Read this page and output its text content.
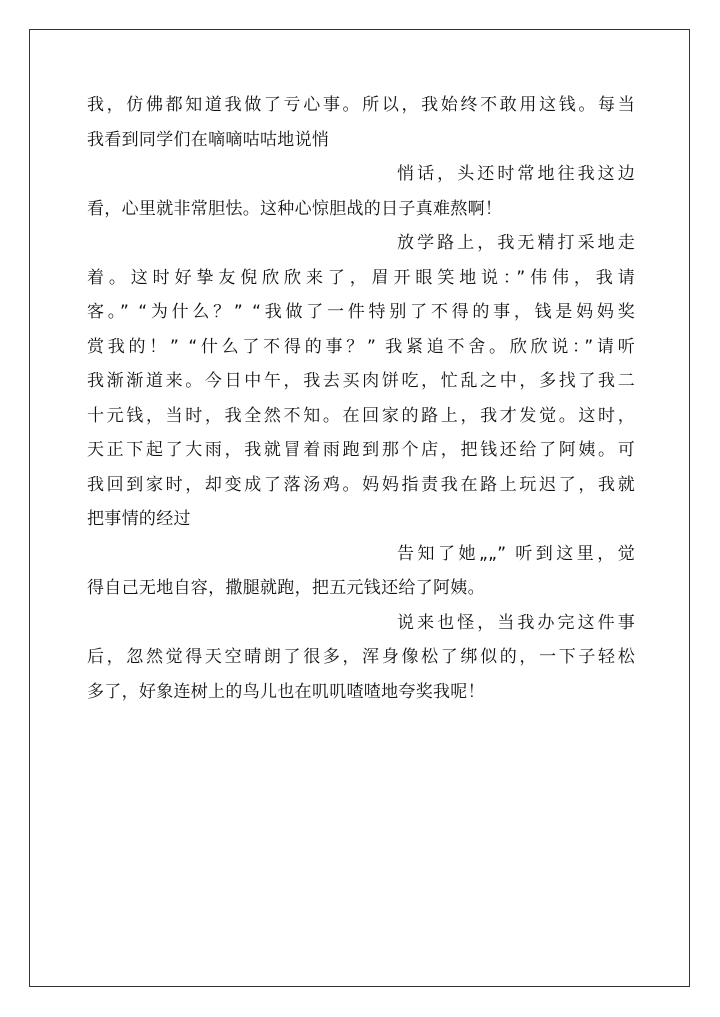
我，仿佛都知道我做了亏心事。所以，我始终不敢用这钱。每当
我看到同学们在嘀嘀咕咕地说悄
悄话，头还时常地往我这边
看，心里就非常胆怯。这种心惊胆战的日子真难熬啊！
放学路上，我无精打采地走
着。这时好挚友倪欣欣来了，眉开眼笑地说：”伟伟，我请
客。” “为什么？” “我做了一件特别了不得的事，钱是妈妈奖
赏我的！” “什么了不得的事？” 我紧追不舍。欣欣说：”请听
我渐渐道来。今日中午，我去买肉饼吃，忙乱之中，多找了我二
十元钱，当时，我全然不知。在回家的路上，我才发觉。这时，
天正下起了大雨，我就冒着雨跑到那个店，把钱还给了阿姨。可
我回到家时，却变成了落汤鸡。妈妈指责我在路上玩迟了，我就
把事情的经过
告知了她„„” 听到这里，觉
得自己无地自容，撒腿就跑，把五元钱还给了阿姨。
说来也怪，当我办完这件事
后，忽然觉得天空晴朗了很多，浑身像松了绑似的，一下子轻松
多了，好象连树上的鸟儿也在叽叽喳喳地夸奖我呢！
